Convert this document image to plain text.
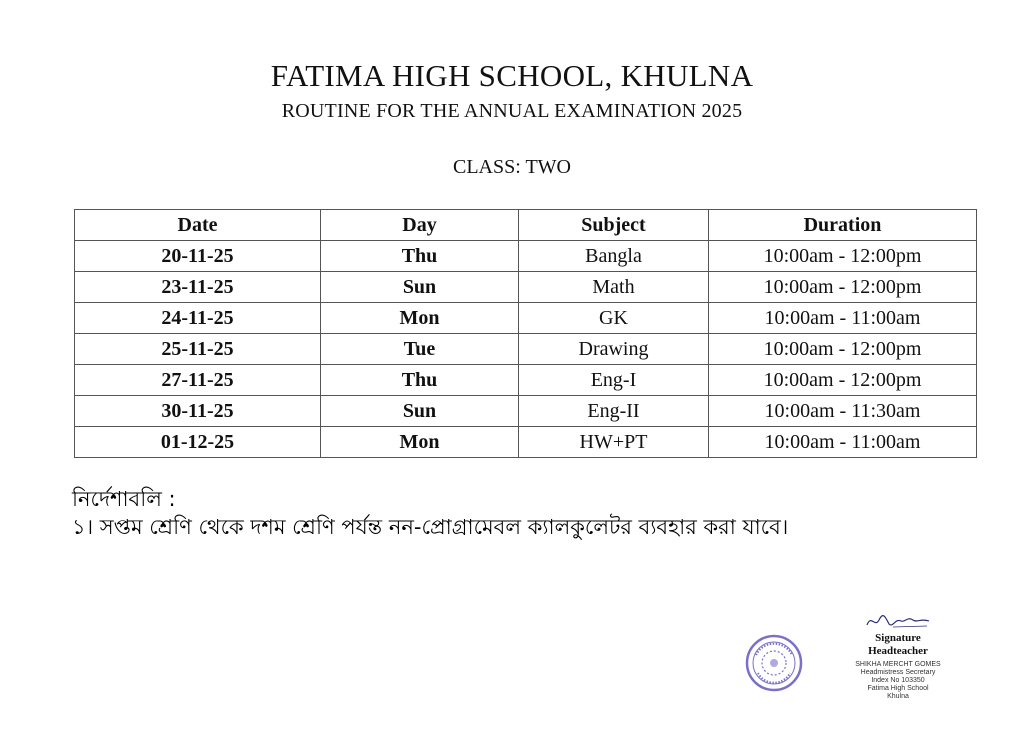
FATIMA HIGH SCHOOL, KHULNA
ROUTINE FOR THE ANNUAL EXAMINATION 2025
CLASS: TWO
Date	Day	Subject	Duration
20-11-25	Thu	Bangla	10:00am - 12:00pm
23-11-25	Sun	Math	10:00am - 12:00pm
24-11-25	Mon	GK	10:00am - 11:00am
25-11-25	Tue	Drawing	10:00am - 12:00pm
27-11-25	Thu	Eng-I	10:00am - 12:00pm
30-11-25	Sun	Eng-II	10:00am - 11:30am
01-12-25	Mon	HW+PT	10:00am - 11:00am
নির্দেশাবলি :
১। সপ্তম শ্রেণি থেকে দশম শ্রেণি পর্যন্ত নন-প্রোগ্রামেবল ক্যালকুলেটর ব্যবহার করা যাবে।
Signature
Headteacher
SHIKHA MERCHT GOMES
Headmistress Secretary
Index No 103350
Fatima High School
Khulna
